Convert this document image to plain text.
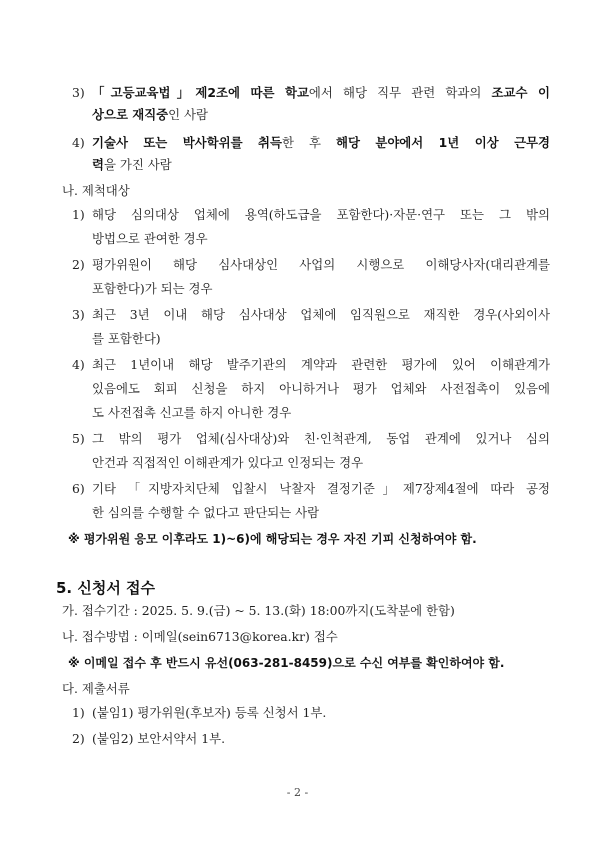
3) 「고등교육법」제2조에 따른 학교에서 해당 직무 관련 학과의 조교수 이
상으로 재직중인 사람
4) 기술사 또는 박사학위를 취득한 후 해당 분야에서 1년 이상 근무경
력을 가진 사람
나. 제척대상
1) 해당 심의대상 업체에 용역(하도급을 포함한다)·자문·연구 또는 그 밖의
방법으로 관여한 경우
2) 평가위원이 해당 심사대상인 사업의 시행으로 이해당사자(대리관계를
포함한다)가 되는 경우
3) 최근 3년 이내 해당 심사대상 업체에 임직원으로 재직한 경우(사외이사
를 포함한다)
4) 최근 1년이내 해당 발주기관의 계약과 관련한 평가에 있어 이해관계가
있음에도 회피 신청을 하지 아니하거나 평가 업체와 사전접촉이 있음에
도 사전접촉 신고를 하지 아니한 경우
5) 그 밖의 평가 업체(심사대상)와 친·인척관계, 동업 관계에 있거나 심의
안건과 직접적인 이해관계가 있다고 인정되는 경우
6) 기타 「지방자치단체 입찰시 낙찰자 결정기준」제7장제4절에 따라 공정
한 심의를 수행할 수 없다고 판단되는 사람
※ 평가위원 응모 이후라도 1)~6)에 해당되는 경우 자진 기피 신청하여야 함.
5. 신청서 접수
가. 접수기간 : 2025. 5. 9.(금) ~ 5. 13.(화) 18:00까지(도착분에 한함)
나. 접수방법 : 이메일(sein6713@korea.kr) 접수
※ 이메일 접수 후 반드시 유선(063-281-8459)으로 수신 여부를 확인하여야 함.
다. 제출서류
1) (붙임1) 평가위원(후보자) 등록 신청서 1부.
2) (붙임2) 보안서약서 1부.
- 2 -
